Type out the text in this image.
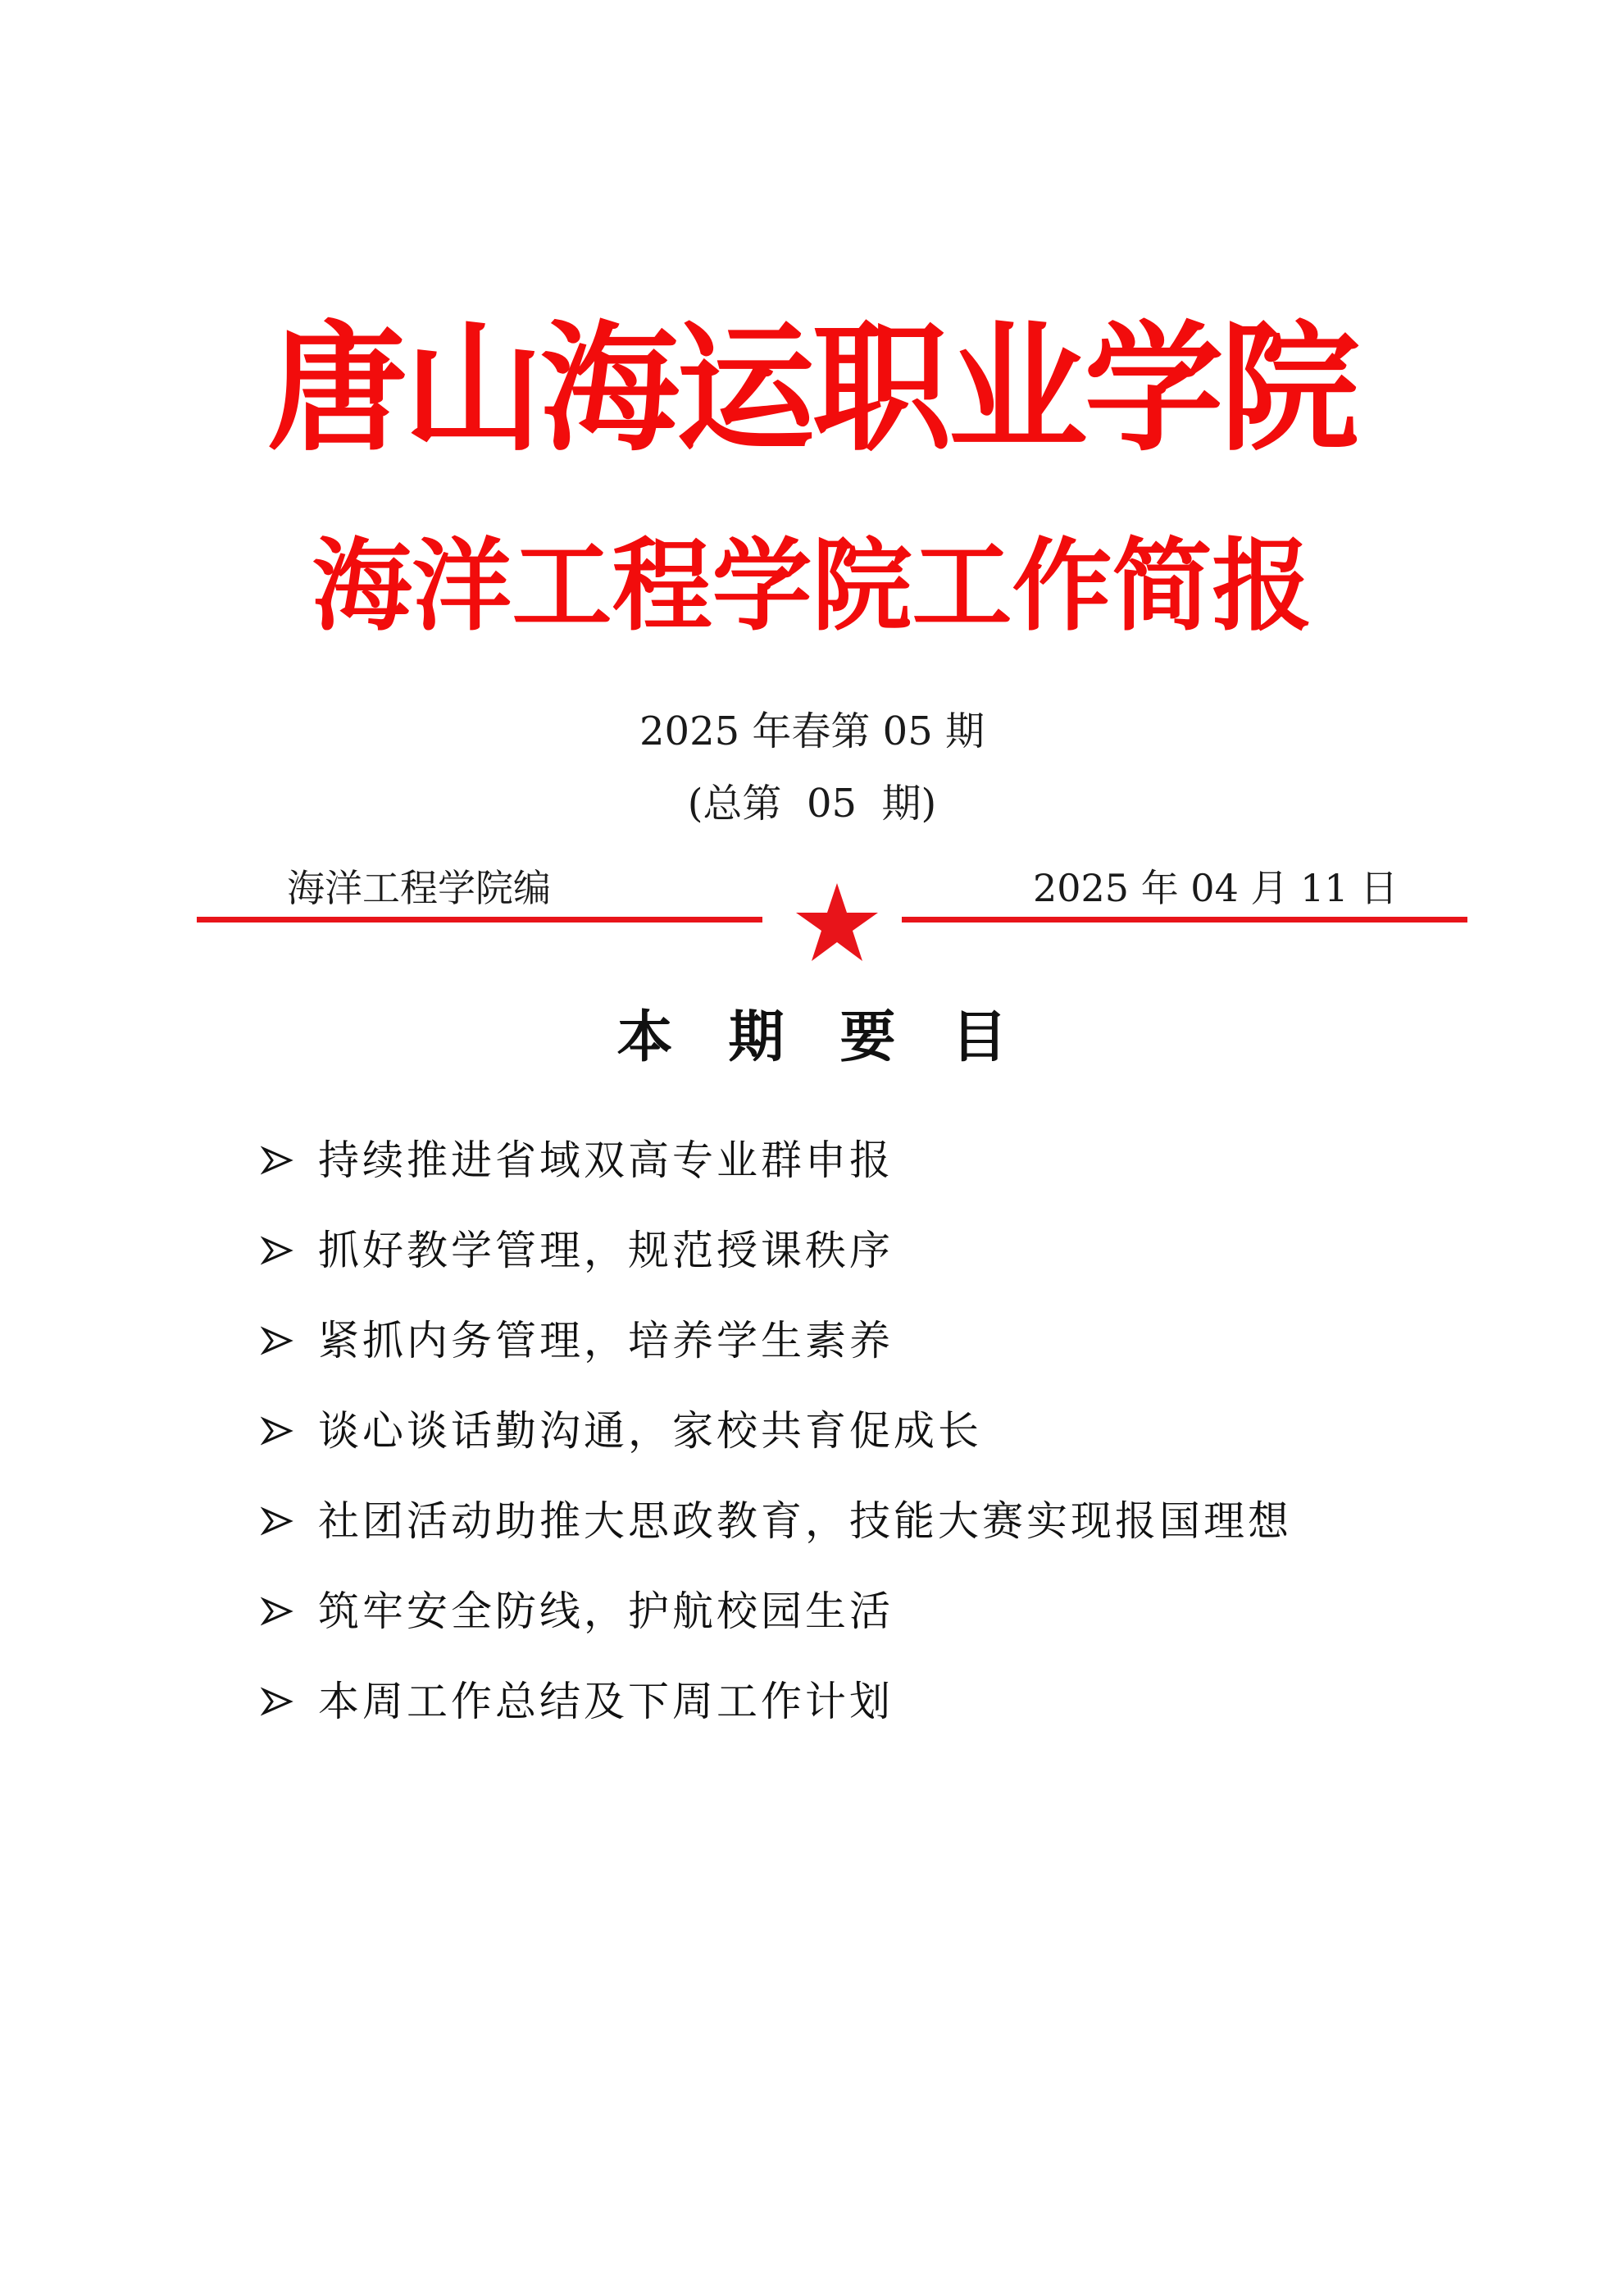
唐山海运职业学院
海洋工程学院工作简报
2025 年春第 05 期
(总第  05  期)
海洋工程学院编	2025 年 04 月 11 日
本期要目
持续推进省域双高专业群申报
抓好教学管理，规范授课秩序
紧抓内务管理，培养学生素养
谈心谈话勤沟通，家校共育促成长
社团活动助推大思政教育，技能大赛实现报国理想
筑牢安全防线，护航校园生活
本周工作总结及下周工作计划
